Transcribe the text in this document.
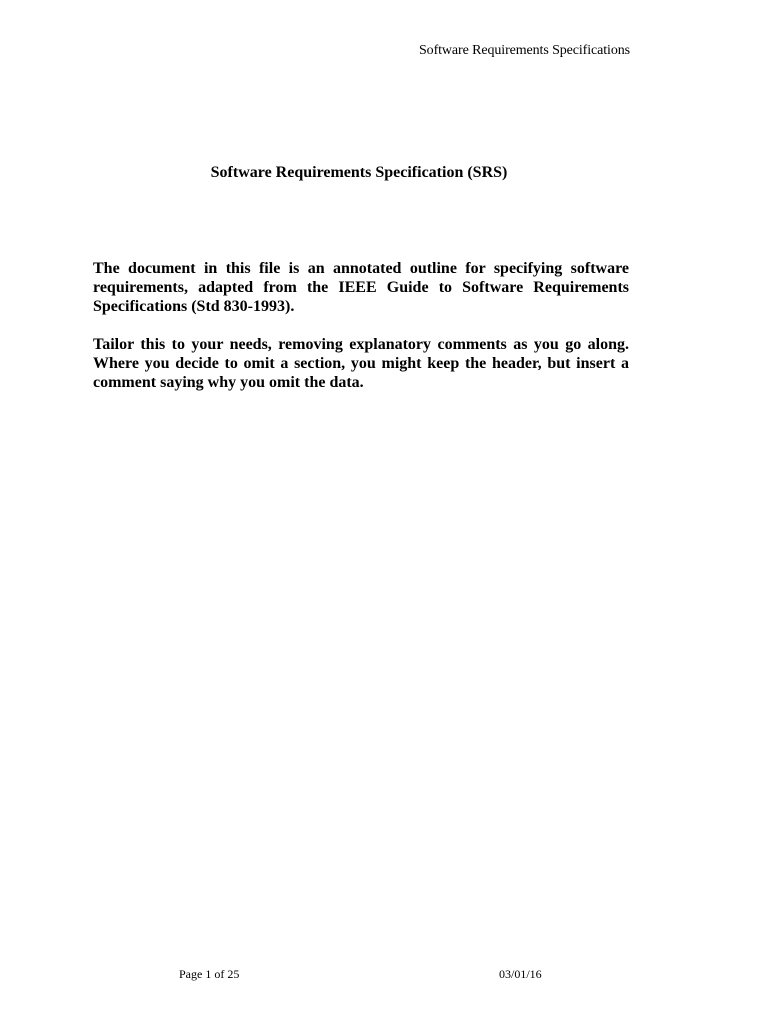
Software Requirements Specifications
Software Requirements Specification (SRS)

The document in this file is an annotated outline for specifying software requirements, adapted from the IEEE Guide to Software Requirements Specifications (Std 830-1993).

Tailor this to your needs, removing explanatory comments as you go along. Where you decide to omit a section, you might keep the header, but insert a comment saying why you omit the data.

Page 1 of 25	03/01/16
